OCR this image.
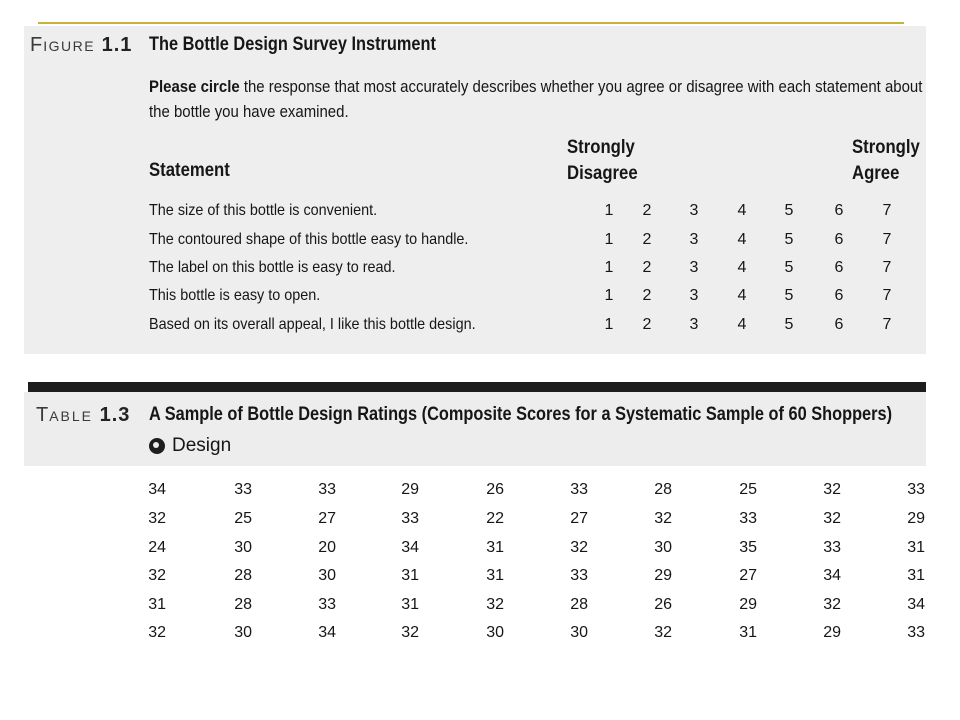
FIGURE 1.1 The Bottle Design Survey Instrument
Please circle the response that most accurately describes whether you agree or disagree with each statement about the bottle you have examined.
Statement
Strongly
Disagree
Strongly
Agree
The size of this bottle is convenient.	1	2	3	4	5	6	7
The contoured shape of this bottle easy to handle.	1	2	3	4	5	6	7
The label on this bottle is easy to read.	1	2	3	4	5	6	7
This bottle is easy to open.	1	2	3	4	5	6	7
Based on its overall appeal, I like this bottle design.	1	2	3	4	5	6	7
TABLE 1.3 A Sample of Bottle Design Ratings (Composite Scores for a Systematic Sample of 60 Shoppers)
Design
34	33	33	29	26	33	28	25	32	33
32	25	27	33	22	27	32	33	32	29
24	30	20	34	31	32	30	35	33	31
32	28	30	31	31	33	29	27	34	31
31	28	33	31	32	28	26	29	32	34
32	30	34	32	30	30	32	31	29	33
